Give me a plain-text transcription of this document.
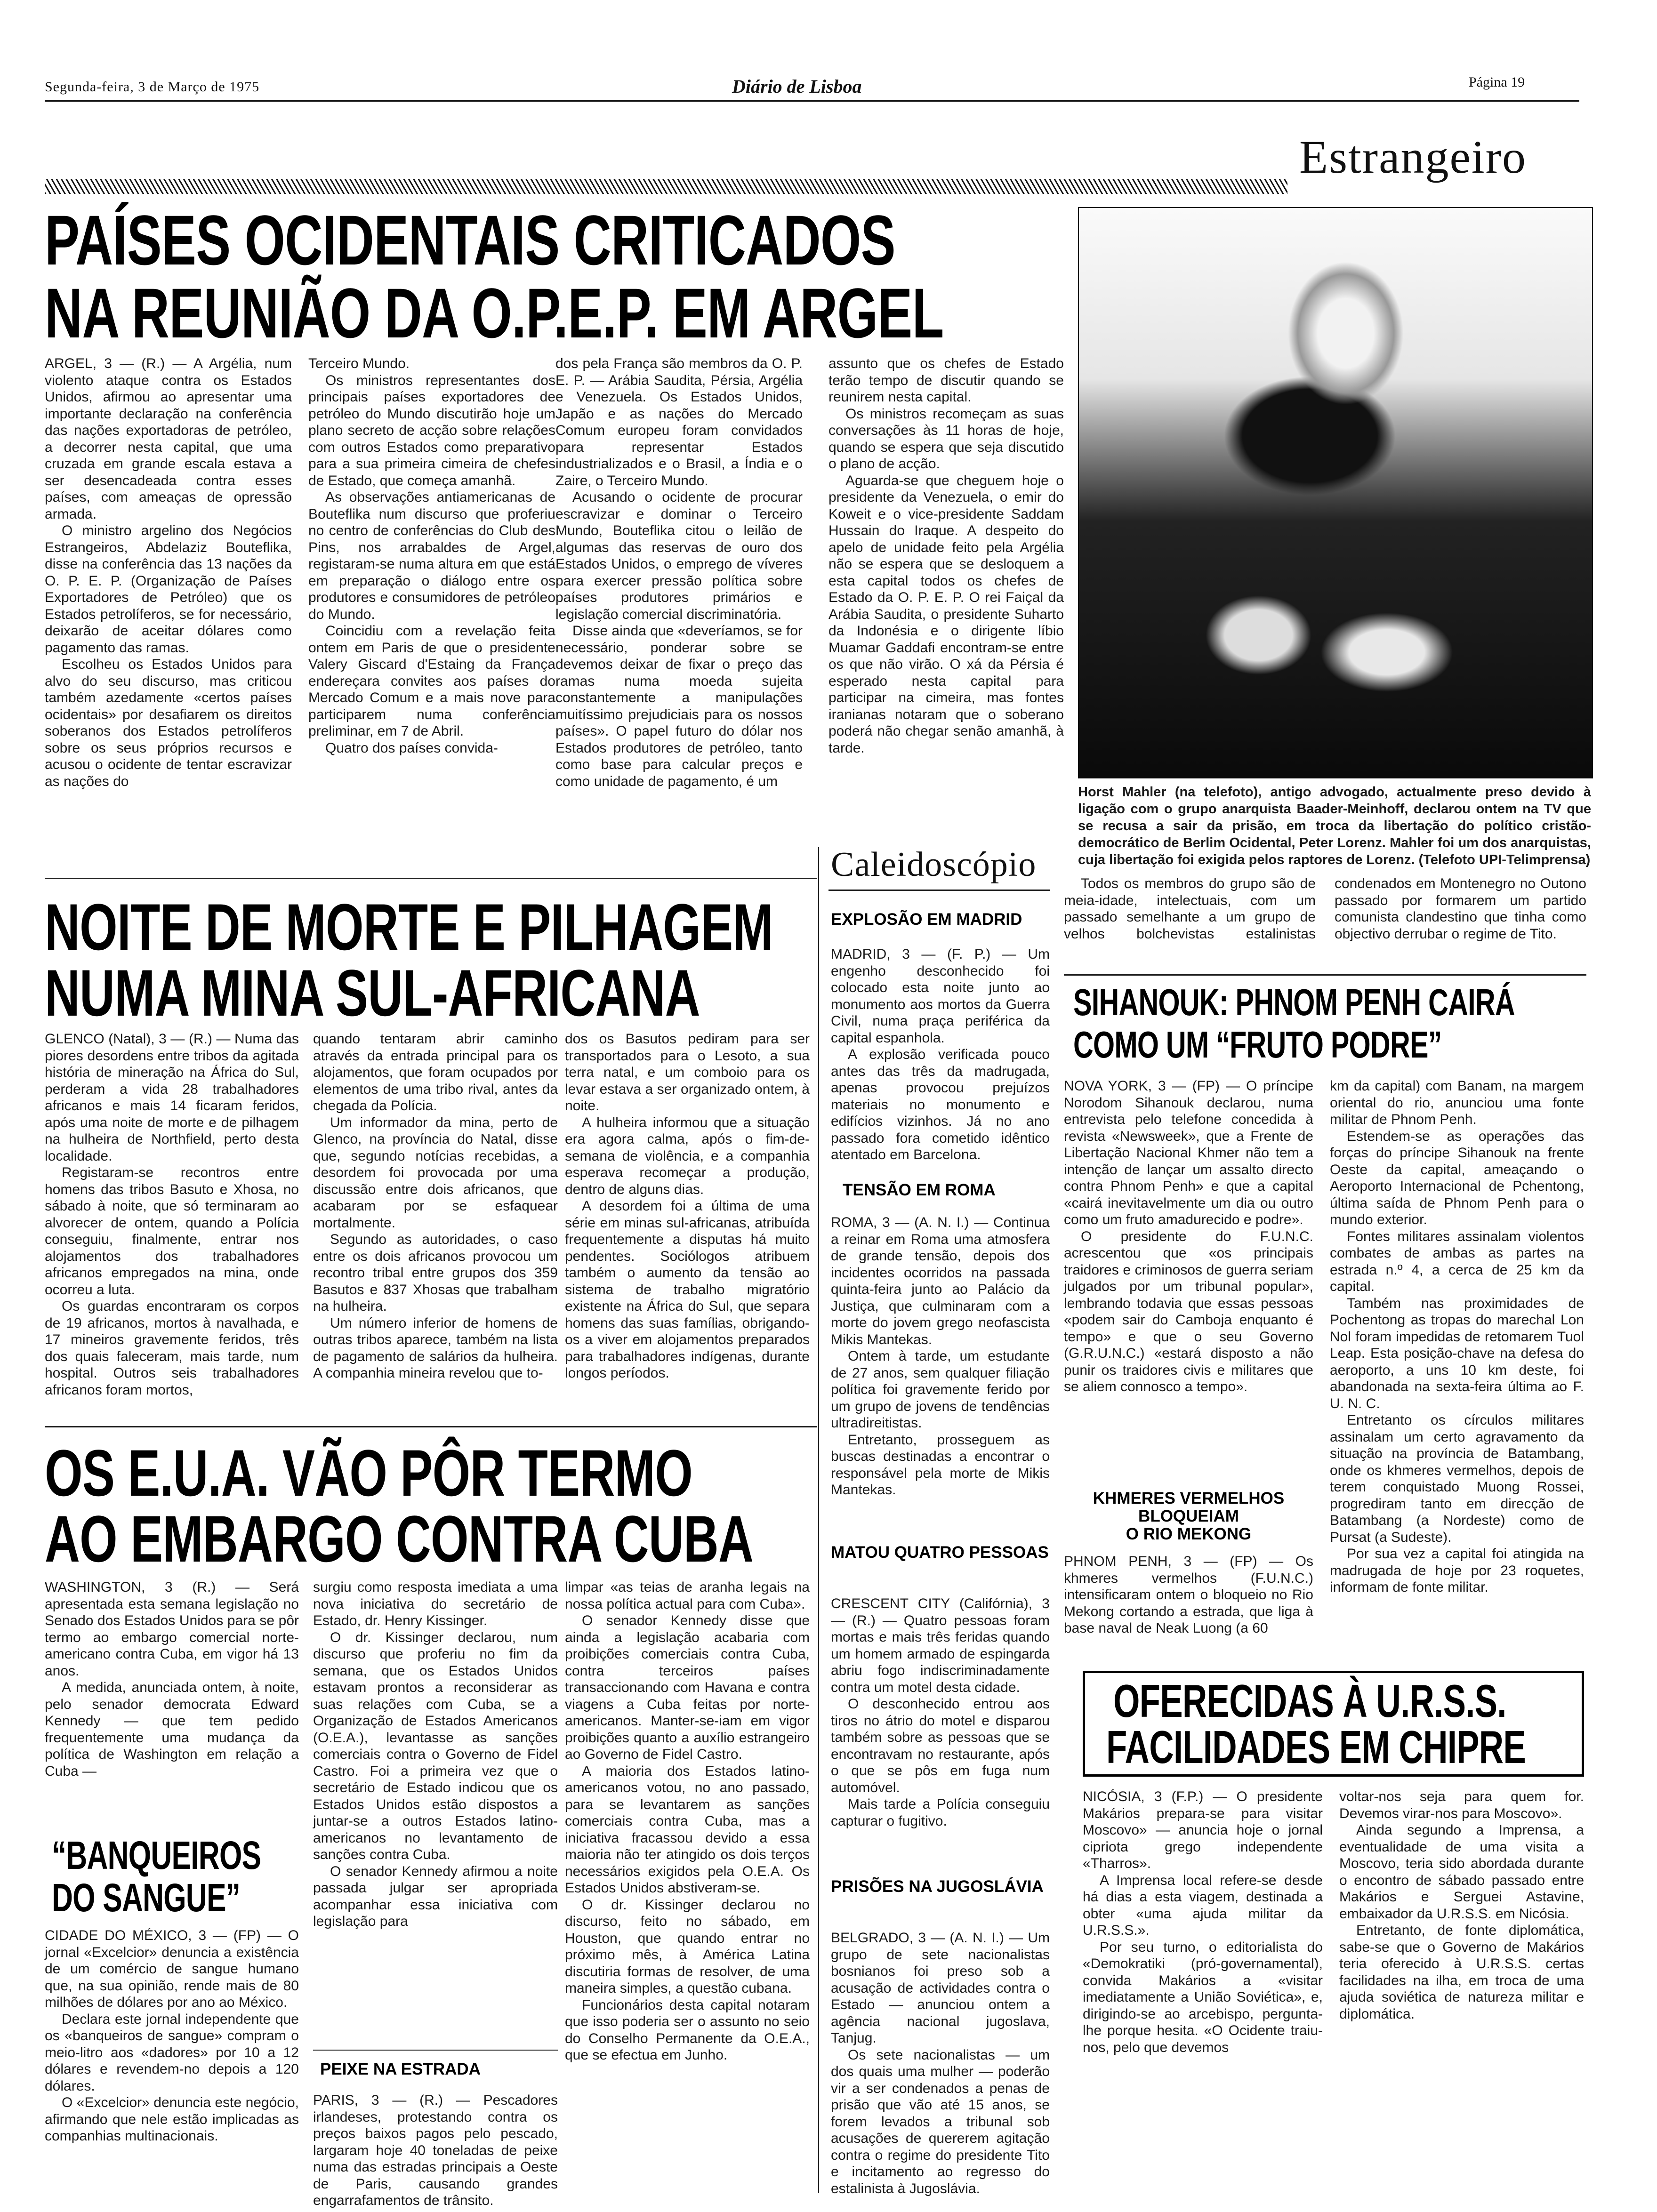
Segunda-feira, 3 de Março de 1975	Diário de Lisboa	Página 19
Estrangeiro
PAÍSES OCIDENTAIS CRITICADOS
NA REUNIÃO DA O.P.E.P. EM ARGEL

ARGEL, 3 — (R.) — A Argélia, num violento ataque contra os Estados Unidos, afirmou ao apresentar uma importante declaração na conferência das nações exportadoras de petróleo, a decorrer nesta capital, que uma cruzada em grande escala estava a ser desencadeada contra esses países, com ameaças de opressão armada.

O ministro argelino dos Negócios Estrangeiros, Abdelaziz Bouteflika, disse na conferência das 13 nações da O. P. E. P. (Organização de Países Exportadores de Petróleo) que os Estados petrolíferos, se for necessário, deixarão de aceitar dólares como pagamento das ramas.

Escolheu os Estados Unidos para alvo do seu discurso, mas criticou também azedamente «certos países ocidentais» por desafiarem os direitos soberanos dos Estados petrolíferos sobre os seus próprios recursos e acusou o ocidente de tentar escravizar as nações do

Terceiro Mundo.

Os ministros representantes dos principais países exportadores de petróleo do Mundo discutirão hoje um plano secreto de acção sobre relações com outros Estados como preparativo para a sua primeira cimeira de chefes de Estado, que começa amanhã.

As observações antiamericanas de Bouteflika num discurso que proferiu no centro de conferências do Club des Pins, nos arrabaldes de Argel, registaram-se numa altura em que está em preparação o diálogo entre os produtores e consumidores de petróleo do Mundo.

Coincidiu com a revelação feita ontem em Paris de que o presidente Valery Giscard d'Estaing da França endereçara convites aos países do Mercado Comum e a mais nove para participarem numa conferência preliminar, em 7 de Abril.

Quatro dos países convida-

dos pela França são membros da O. P. E. P. — Arábia Saudita, Pérsia, Argélia e Venezuela. Os Estados Unidos, Japão e as nações do Mercado Comum europeu foram convidados para representar Estados industrializados e o Brasil, a Índia e o Zaire, o Terceiro Mundo.

Acusando o ocidente de procurar escravizar e dominar o Terceiro Mundo, Bouteflika citou o leilão de algumas das reservas de ouro dos Estados Unidos, o emprego de víveres para exercer pressão política sobre países produtores primários e legislação comercial discriminatória.

Disse ainda que «deveríamos, se for necessário, ponderar sobre se devemos deixar de fixar o preço das ramas numa moeda sujeita constantemente a manipulações muitíssimo prejudiciais para os nossos países». O papel futuro do dólar nos Estados produtores de petróleo, tanto como base para calcular preços e como unidade de pagamento, é um

assunto que os chefes de Estado terão tempo de discutir quando se reunirem nesta capital.

Os ministros recomeçam as suas conversações às 11 horas de hoje, quando se espera que seja discutido o plano de acção.

Aguarda-se que cheguem hoje o presidente da Venezuela, o emir do Koweit e o vice-presidente Saddam Hussain do Iraque. A despeito do apelo de unidade feito pela Argélia não se espera que se desloquem a esta capital todos os chefes de Estado da O. P. E. P. O rei Faiçal da Arábia Saudita, o presidente Suharto da Indonésia e o dirigente líbio Muamar Gaddafi encontram-se entre os que não virão. O xá da Pérsia é esperado nesta capital para participar na cimeira, mas fontes iranianas notaram que o soberano poderá não chegar senão amanhã, à tarde.

Horst Mahler (na telefoto), antigo advogado, actualmente preso devido à ligação com o grupo anarquista Baader-Meinhoff, declarou ontem na TV que se recusa a sair da prisão, em troca da libertação do político cristão-democrático de Berlim Ocidental, Peter Lorenz. Mahler foi um dos anarquistas, cuja libertação foi exigida pelos raptores de Lorenz. (Telefoto UPI-Telimprensa)
NOITE DE MORTE E PILHAGEM
NUMA MINA SUL-AFRICANA

GLENCO (Natal), 3 — (R.) — Numa das piores desordens entre tribos da agitada história de mineração na África do Sul, perderam a vida 28 trabalhadores africanos e mais 14 ficaram feridos, após uma noite de morte e de pilhagem na hulheira de Northfield, perto desta localidade.

Registaram-se recontros entre homens das tribos Basuto e Xhosa, no sábado à noite, que só terminaram ao alvorecer de ontem, quando a Polícia conseguiu, finalmente, entrar nos alojamentos dos trabalhadores africanos empregados na mina, onde ocorreu a luta.

Os guardas encontraram os corpos de 19 africanos, mortos à navalhada, e 17 mineiros gravemente feridos, três dos quais faleceram, mais tarde, num hospital. Outros seis trabalhadores africanos foram mortos,

quando tentaram abrir caminho através da entrada principal para os alojamentos, que foram ocupados por elementos de uma tribo rival, antes da chegada da Polícia.

Um informador da mina, perto de Glenco, na província do Natal, disse que, segundo notícias recebidas, a desordem foi provocada por uma discussão entre dois africanos, que acabaram por se esfaquear mortalmente.

Segundo as autoridades, o caso entre os dois africanos provocou um recontro tribal entre grupos dos 359 Basutos e 837 Xhosas que trabalham na hulheira.

Um número inferior de homens de outras tribos aparece, também na lista de pagamento de salários da hulheira. A companhia mineira revelou que to-

dos os Basutos pediram para ser transportados para o Lesoto, a sua terra natal, e um comboio para os levar estava a ser organizado ontem, à noite.

A hulheira informou que a situação era agora calma, após o fim-de-semana de violência, e a companhia esperava recomeçar a produção, dentro de alguns dias.

A desordem foi a última de uma série em minas sul-africanas, atribuída frequentemente a disputas há muito pendentes. Sociólogos atribuem também o aumento da tensão ao sistema de trabalho migratório existente na África do Sul, que separa homens das suas famílias, obrigando-os a viver em alojamentos preparados para trabalhadores indígenas, durante longos períodos.

OS E.U.A. VÃO PÔR TERMO
AO EMBARGO CONTRA CUBA

WASHINGTON, 3 (R.) — Será apresentada esta semana legislação no Senado dos Estados Unidos para se pôr termo ao embargo comercial norte-americano contra Cuba, em vigor há 13 anos.

A medida, anunciada ontem, à noite, pelo senador democrata Edward Kennedy — que tem pedido frequentemente uma mudança da política de Washington em relação a Cuba —

surgiu como resposta imediata a uma nova iniciativa do secretário de Estado, dr. Henry Kissinger.

O dr. Kissinger declarou, num discurso que proferiu no fim da semana, que os Estados Unidos estavam prontos a reconsiderar as suas relações com Cuba, se a Organização de Estados Americanos (O.E.A.), levantasse as sanções comerciais contra o Governo de Fidel Castro. Foi a primeira vez que o secretário de Estado indicou que os Estados Unidos estão dispostos a juntar-se a outros Estados latino-americanos no levantamento de sanções contra Cuba.

O senador Kennedy afirmou a noite passada julgar ser apropriada acompanhar essa iniciativa com legislação para

limpar «as teias de aranha legais na nossa política actual para com Cuba».

O senador Kennedy disse que ainda a legislação acabaria com proibições comerciais contra Cuba, contra terceiros países transaccionando com Havana e contra viagens a Cuba feitas por norte-americanos. Manter-se-iam em vigor proibições quanto a auxílio estrangeiro ao Governo de Fidel Castro.

A maioria dos Estados latino-americanos votou, no ano passado, para se levantarem as sanções comerciais contra Cuba, mas a iniciativa fracassou devido a essa maioria não ter atingido os dois terços necessários exigidos pela O.E.A. Os Estados Unidos abstiveram-se.

O dr. Kissinger declarou no discurso, feito no sábado, em Houston, que quando entrar no próximo mês, à América Latina discutiria formas de resolver, de uma maneira simples, a questão cubana.

Funcionários desta capital notaram que isso poderia ser o assunto no seio do Conselho Permanente da O.E.A., que se efectua em Junho.

“BANQUEIROS
DO SANGUE”

CIDADE DO MÉXICO, 3 — (FP) — O jornal «Excelcior» denuncia a existência de um comércio de sangue humano que, na sua opinião, rende mais de 80 milhões de dólares por ano ao México.

Declara este jornal independente que os «banqueiros de sangue» compram o meio-litro aos «dadores» por 10 a 12 dólares e revendem-no depois a 120 dólares.

O «Excelcior» denuncia este negócio, afirmando que nele estão implicadas as companhias multinacionais.

PEIXE NA ESTRADA

PARIS, 3 — (R.) — Pescadores irlandeses, protestando contra os preços baixos pagos pelo pescado, largaram hoje 40 toneladas de peixe numa das estradas principais a Oeste de Paris, causando grandes engarrafamentos de trânsito.

Caleidoscópio
EXPLOSÃO EM MADRID

MADRID, 3 — (F. P.) — Um engenho desconhecido foi colocado esta noite junto ao monumento aos mortos da Guerra Civil, numa praça periférica da capital espanhola.

A explosão verificada pouco antes das três da madrugada, apenas provocou prejuízos materiais no monumento e edifícios vizinhos. Já no ano passado fora cometido idêntico atentado em Barcelona.

TENSÃO EM ROMA

ROMA, 3 — (A. N. I.) — Continua a reinar em Roma uma atmosfera de grande tensão, depois dos incidentes ocorridos na passada quinta-feira junto ao Palácio da Justiça, que culminaram com a morte do jovem grego neofascista Mikis Mantekas.

Ontem à tarde, um estudante de 27 anos, sem qualquer filiação política foi gravemente ferido por um grupo de jovens de tendências ultradireitistas.

Entretanto, prosseguem as buscas destinadas a encontrar o responsável pela morte de Mikis Mantekas.

MATOU QUATRO PESSOAS

CRESCENT CITY (Califórnia), 3 — (R.) — Quatro pessoas foram mortas e mais três feridas quando um homem armado de espingarda abriu fogo indiscriminadamente contra um motel desta cidade.

O desconhecido entrou aos tiros no átrio do motel e disparou também sobre as pessoas que se encontravam no restaurante, após o que se pôs em fuga num automóvel.

Mais tarde a Polícia conseguiu capturar o fugitivo.

PRISÕES NA JUGOSLÁVIA

BELGRADO, 3 — (A. N. I.) — Um grupo de sete nacionalistas bosnianos foi preso sob a acusação de actividades contra o Estado — anunciou ontem a agência nacional jugoslava, Tanjug.

Os sete nacionalistas — um dos quais uma mulher — poderão vir a ser condenados a penas de prisão que vão até 15 anos, se forem levados a tribunal sob acusações de quererem agitação contra o regime do presidente Tito e incitamento ao regresso do estalinista à Jugoslávia.

Todos os membros do grupo são de meia-idade, intelectuais, com um passado semelhante a um grupo de velhos bolchevistas estalinistas condenados em Montenegro no Outono passado por formarem um partido comunista clandestino que tinha como objectivo derrubar o regime de Tito.

SIHANOUK: PHNOM PENH CAIRÁ
COMO UM “FRUTO PODRE”

NOVA YORK, 3 — (FP) — O príncipe Norodom Sihanouk declarou, numa entrevista pelo telefone concedida à revista «Newsweek», que a Frente de Libertação Nacional Khmer não tem a intenção de lançar um assalto directo contra Phnom Penh» e que a capital «cairá inevitavelmente um dia ou outro como um fruto amadurecido e podre».

O presidente do F.U.N.C. acrescentou que «os principais traidores e criminosos de guerra seriam julgados por um tribunal popular», lembrando todavia que essas pessoas «podem sair do Camboja enquanto é tempo» e que o seu Governo (G.R.U.N.C.) «estará disposto a não punir os traidores civis e militares que se aliem connosco a tempo».

KHMERES VERMELHOS
BLOQUEIAM
O RIO MEKONG

PHNOM PENH, 3 — (FP) — Os khmeres vermelhos (F.U.N.C.) intensificaram ontem o bloqueio no Rio Mekong cortando a estrada, que liga à base naval de Neak Luong (a 60

km da capital) com Banam, na margem oriental do rio, anunciou uma fonte militar de Phnom Penh.

Estendem-se as operações das forças do príncipe Sihanouk na frente Oeste da capital, ameaçando o Aeroporto Internacional de Pchentong, última saída de Phnom Penh para o mundo exterior.

Fontes militares assinalam violentos combates de ambas as partes na estrada n.º 4, a cerca de 25 km da capital.

Também nas proximidades de Pochentong as tropas do marechal Lon Nol foram impedidas de retomarem Tuol Leap. Esta posição-chave na defesa do aeroporto, a uns 10 km deste, foi abandonada na sexta-feira última ao F. U. N. C.

Entretanto os círculos militares assinalam um certo agravamento da situação na província de Batambang, onde os khmeres vermelhos, depois de terem conquistado Muong Rossei, progrediram tanto em direcção de Batambang (a Nordeste) como de Pursat (a Sudeste).

Por sua vez a capital foi atingida na madrugada de hoje por 23 roquetes, informam de fonte militar.

OFERECIDAS À U.R.S.S.
FACILIDADES EM CHIPRE

NICÓSIA, 3 (F.P.) — O presidente Makários prepara-se para visitar Moscovo» — anuncia hoje o jornal cipriota grego independente «Tharros».

A Imprensa local refere-se desde há dias a esta viagem, destinada a obter «uma ajuda militar da U.R.S.S.».

Por seu turno, o editorialista do «Demokratiki (pró-governamental), convida Makários a «visitar imediatamente a União Soviética», e, dirigindo-se ao arcebispo, pergunta-lhe porque hesita. «O Ocidente traiu-nos, pelo que devemos

voltar-nos seja para quem for. Devemos virar-nos para Moscovo».

Ainda segundo a Imprensa, a eventualidade de uma visita a Moscovo, teria sido abordada durante o encontro de sábado passado entre Makários e Serguei Astavine, embaixador da U.R.S.S. em Nicósia.

Entretanto, de fonte diplomática, sabe-se que o Governo de Makários teria oferecido à U.R.S.S. certas facilidades na ilha, em troca de uma ajuda soviética de natureza militar e diplomática.
